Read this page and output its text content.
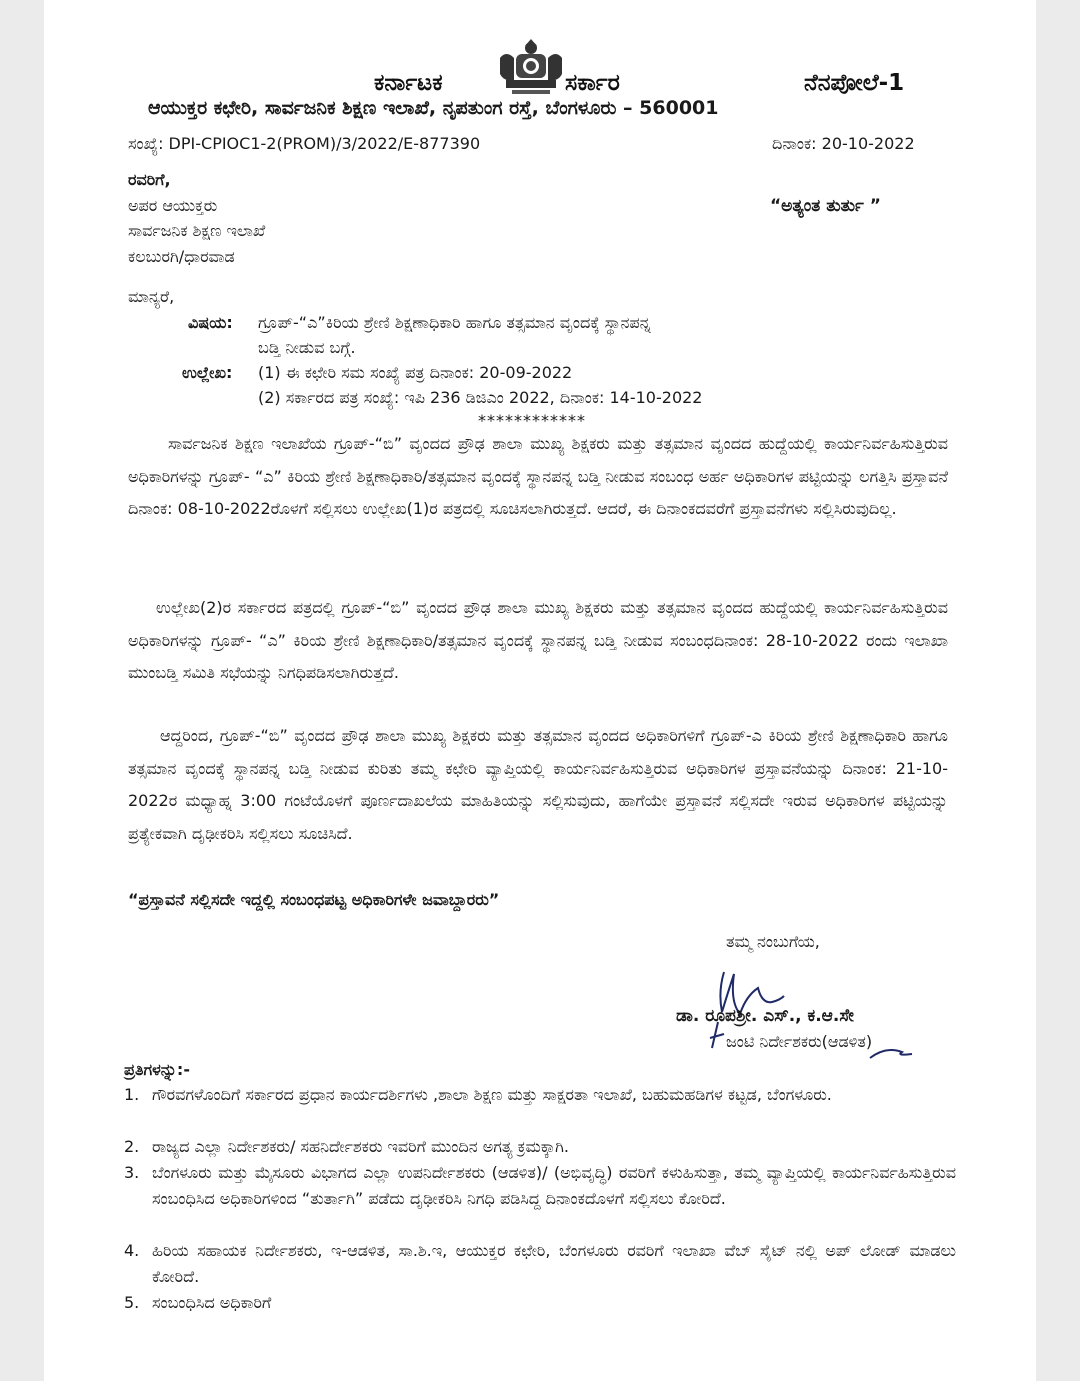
ಕರ್ನಾಟಕ	ಸರ್ಕಾರ	ನೆನಪೋಲೆ-1
ಆಯುಕ್ತರ ಕಛೇರಿ, ಸಾರ್ವಜನಿಕ ಶಿಕ್ಷಣ ಇಲಾಖೆ, ನೃಪತುಂಗ ರಸ್ತೆ, ಬೆಂಗಳೂರು – 560001
ಸಂಖ್ಯೆ: DPI-CPIOC1-2(PROM)/3/2022/E-877390	ದಿನಾಂಕ: 20-10-2022
ರವರಿಗೆ,
ಅಪರ ಆಯುಕ್ತರು
ಸಾರ್ವಜನಿಕ ಶಿಕ್ಷಣ ಇಲಾಖೆ
ಕಲಬುರಗಿ/ಧಾರವಾಡ
“ಅತ್ಯಂತ ತುರ್ತು ”
ಮಾನ್ಯರೆ,
ವಿಷಯ: ಗ್ರೂಪ್-“ಎ”ಕಿರಿಯ ಶ್ರೇಣಿ ಶಿಕ್ಷಣಾಧಿಕಾರಿ ಹಾಗೂ ತತ್ಸಮಾನ ವೃಂದಕ್ಕೆ ಸ್ಥಾನಪನ್ನ
ಬಡ್ತಿ ನೀಡುವ ಬಗ್ಗೆ.
ಉಲ್ಲೇಖ: (1) ಈ ಕಛೇರಿ ಸಮ ಸಂಖ್ಯೆ ಪತ್ರ ದಿನಾಂಕ: 20-09-2022
(2) ಸರ್ಕಾರದ ಪತ್ರ ಸಂಖ್ಯೆ: ಇಪಿ 236 ಡಿಜಿಎಂ 2022, ದಿನಾಂಕ: 14-10-2022
************
ಸಾರ್ವಜನಿಕ ಶಿಕ್ಷಣ ಇಲಾಖೆಯ ಗ್ರೂಪ್-“ಬಿ” ವೃಂದದ ಪ್ರೌಢ ಶಾಲಾ ಮುಖ್ಯ ಶಿಕ್ಷಕರು ಮತ್ತು ತತ್ಸಮಾನ ವೃಂದದ ಹುದ್ದೆಯಲ್ಲಿ ಕಾರ್ಯನಿರ್ವಹಿಸುತ್ತಿರುವ ಅಧಿಕಾರಿಗಳನ್ನು ಗ್ರೂಪ್- “ಎ” ಕಿರಿಯ ಶ್ರೇಣಿ ಶಿಕ್ಷಣಾಧಿಕಾರಿ/ತತ್ಸಮಾನ ವೃಂದಕ್ಕೆ ಸ್ಥಾನಪನ್ನ ಬಡ್ತಿ ನೀಡುವ ಸಂಬಂಧ ಅರ್ಹ ಅಧಿಕಾರಿಗಳ ಪಟ್ಟಿಯನ್ನು ಲಗತ್ತಿಸಿ ಪ್ರಸ್ತಾವನೆ ದಿನಾಂಕ: 08-10-2022ರೊಳಗೆ ಸಲ್ಲಿಸಲು ಉಲ್ಲೇಖ(1)ರ ಪತ್ರದಲ್ಲಿ ಸೂಚಿಸಲಾಗಿರುತ್ತದೆ. ಆದರೆ, ಈ ದಿನಾಂಕದವರೆಗೆ ಪ್ರಸ್ತಾವನೆಗಳು ಸಲ್ಲಿಸಿರುವುದಿಲ್ಲ.
ಉಲ್ಲೇಖ(2)ರ ಸರ್ಕಾರದ ಪತ್ರದಲ್ಲಿ ಗ್ರೂಪ್-“ಬಿ” ವೃಂದದ ಪ್ರೌಢ ಶಾಲಾ ಮುಖ್ಯ ಶಿಕ್ಷಕರು ಮತ್ತು ತತ್ಸಮಾನ ವೃಂದದ ಹುದ್ದೆಯಲ್ಲಿ ಕಾರ್ಯನಿರ್ವಹಿಸುತ್ತಿರುವ ಅಧಿಕಾರಿಗಳನ್ನು ಗ್ರೂಪ್- “ಎ” ಕಿರಿಯ ಶ್ರೇಣಿ ಶಿಕ್ಷಣಾಧಿಕಾರಿ/ತತ್ಸಮಾನ ವೃಂದಕ್ಕೆ ಸ್ಥಾನಪನ್ನ ಬಡ್ತಿ ನೀಡುವ ಸಂಬಂಧದಿನಾಂಕ: 28-10-2022 ರಂದು ಇಲಾಖಾ ಮುಂಬಡ್ತಿ ಸಮಿತಿ ಸಭೆಯನ್ನು ನಿಗಧಿಪಡಿಸಲಾಗಿರುತ್ತದೆ.
ಆದ್ದರಿಂದ, ಗ್ರೂಪ್-“ಬಿ” ವೃಂದದ ಪ್ರೌಢ ಶಾಲಾ ಮುಖ್ಯ ಶಿಕ್ಷಕರು ಮತ್ತು ತತ್ಸಮಾನ ವೃಂದದ ಅಧಿಕಾರಿಗಳಿಗೆ ಗ್ರೂಪ್-ಎ ಕಿರಿಯ ಶ್ರೇಣಿ ಶಿಕ್ಷಣಾಧಿಕಾರಿ ಹಾಗೂ ತತ್ಸಮಾನ ವೃಂದಕ್ಕೆ ಸ್ಥಾನಪನ್ನ ಬಡ್ತಿ ನೀಡುವ ಕುರಿತು ತಮ್ಮ ಕಛೇರಿ ವ್ಯಾಪ್ತಿಯಲ್ಲಿ ಕಾರ್ಯನಿರ್ವಹಿಸುತ್ತಿರುವ ಅಧಿಕಾರಿಗಳ ಪ್ರಸ್ತಾವನೆಯನ್ನು ದಿನಾಂಕ: 21-10-2022ರ ಮಧ್ಯಾಹ್ನ 3:00 ಗಂಟೆಯೊಳಗೆ ಪೂರ್ಣದಾಖಲೆಯ ಮಾಹಿತಿಯನ್ನು ಸಲ್ಲಿಸುವುದು, ಹಾಗೆಯೇ ಪ್ರಸ್ತಾವನೆ ಸಲ್ಲಿಸದೇ ಇರುವ ಅಧಿಕಾರಿಗಳ ಪಟ್ಟಿಯನ್ನು ಪ್ರತ್ಯೇಕವಾಗಿ ದೃಢೀಕರಿಸಿ ಸಲ್ಲಿಸಲು ಸೂಚಿಸಿದೆ.
“ಪ್ರಸ್ತಾವನೆ ಸಲ್ಲಿಸದೇ ಇದ್ದಲ್ಲಿ ಸಂಬಂಧಪಟ್ಟ ಅಧಿಕಾರಿಗಳೇ ಜವಾಬ್ದಾರರು”
ತಮ್ಮ ನಂಬುಗೆಯ,
ಡಾ. ರೂಪಶ್ರೀ. ಎಸ್., ಕ.ಆ.ಸೇ
ಜಂಟಿ ನಿರ್ದೇಶಕರು(ಆಡಳಿತ)
ಪ್ರತಿಗಳನ್ನು:-
1. ಗೌರವಗಳೊಂದಿಗೆ ಸರ್ಕಾರದ ಪ್ರಧಾನ ಕಾರ್ಯದರ್ಶಿಗಳು ,ಶಾಲಾ ಶಿಕ್ಷಣ ಮತ್ತು ಸಾಕ್ಷರತಾ ಇಲಾಖೆ, ಬಹುಮಹಡಿಗಳ ಕಟ್ಟಡ, ಬೆಂಗಳೂರು.
2. ರಾಜ್ಯದ ಎಲ್ಲಾ ನಿರ್ದೇಶಕರು/ ಸಹನಿರ್ದೇಶಕರು ಇವರಿಗೆ ಮುಂದಿನ ಅಗತ್ಯ ಕ್ರಮಕ್ಕಾಗಿ.
3. ಬೆಂಗಳೂರು ಮತ್ತು ಮೈಸೂರು ವಿಭಾಗದ ಎಲ್ಲಾ ಉಪನಿರ್ದೇಶಕರು (ಆಡಳಿತ)/ (ಅಭಿವೃದ್ಧಿ) ರವರಿಗೆ ಕಳುಹಿಸುತ್ತಾ, ತಮ್ಮ ವ್ಯಾಪ್ತಿಯಲ್ಲಿ ಕಾರ್ಯನಿರ್ವಹಿಸುತ್ತಿರುವ ಸಂಬಂಧಿಸಿದ ಅಧಿಕಾರಿಗಳಿಂದ “ತುರ್ತಾಗಿ” ಪಡೆದು ದೃಢೀಕರಿಸಿ ನಿಗಧಿ ಪಡಿಸಿದ್ದ ದಿನಾಂಕದೊಳಗೆ ಸಲ್ಲಿಸಲು ಕೋರಿದೆ.
4. ಹಿರಿಯ ಸಹಾಯಕ ನಿರ್ದೇಶಕರು, ಇ-ಆಡಳಿತ, ಸಾ.ಶಿ.ಇ, ಆಯುಕ್ತರ ಕಛೇರಿ, ಬೆಂಗಳೂರು ರವರಿಗೆ ಇಲಾಖಾ ವೆಬ್ ಸೈಟ್ ನಲ್ಲಿ ಅಪ್ ಲೋಡ್ ಮಾಡಲು ಕೋರಿದೆ.
5. ಸಂಬಂಧಿಸಿದ ಅಧಿಕಾರಿಗೆ
